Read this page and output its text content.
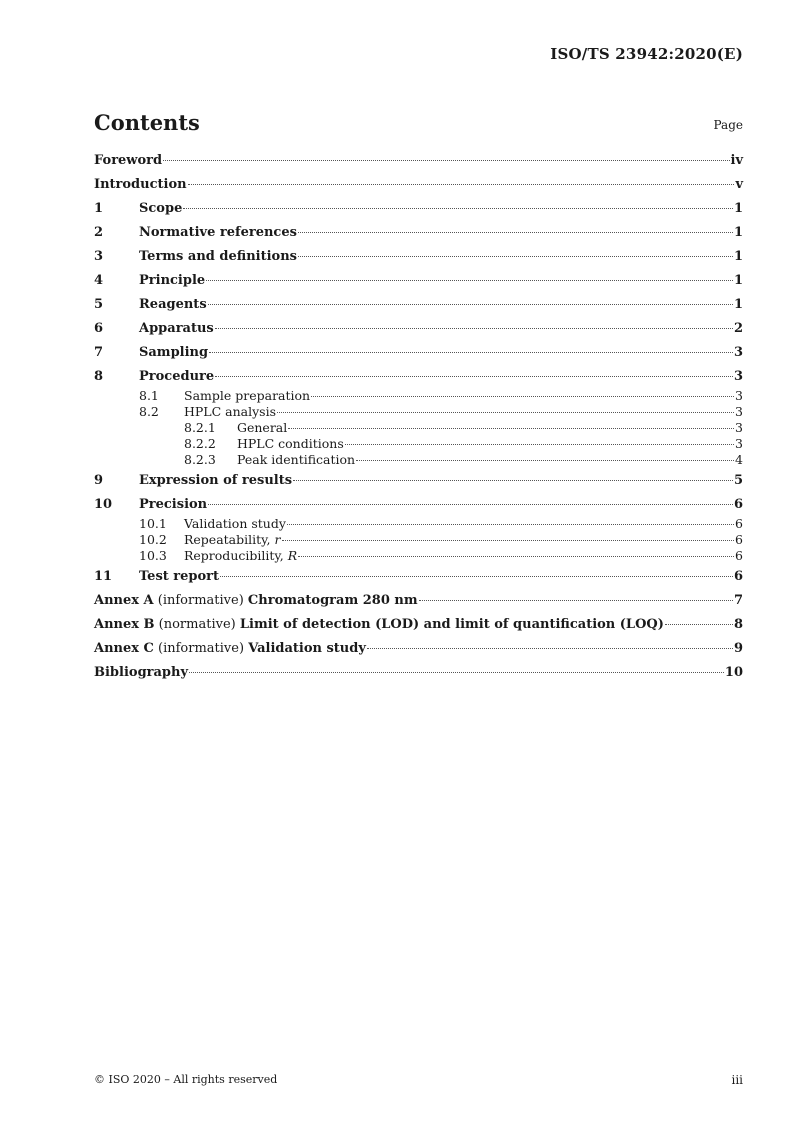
ISO/TS 23942:2020(E)
Contents	Page
Foreword	iv
Introduction	v
1	Scope	1
2	Normative references	1
3	Terms and definitions	1
4	Principle	1
5	Reagents	1
6	Apparatus	2
7	Sampling	3
8	Procedure	3
8.1	Sample preparation	3
8.2	HPLC analysis	3
8.2.1	General	3
8.2.2	HPLC conditions	3
8.2.3	Peak identification	4
9	Expression of results	5
10	Precision	6
10.1	Validation study	6
10.2	Repeatability, r	6
10.3	Reproducibility, R	6
11	Test report	6
Annex A (informative) Chromatogram 280 nm	7
Annex B (normative) Limit of detection (LOD) and limit of quantification (LOQ)	8
Annex C (informative) Validation study	9
Bibliography	10
© ISO 2020 – All rights reserved	iii
